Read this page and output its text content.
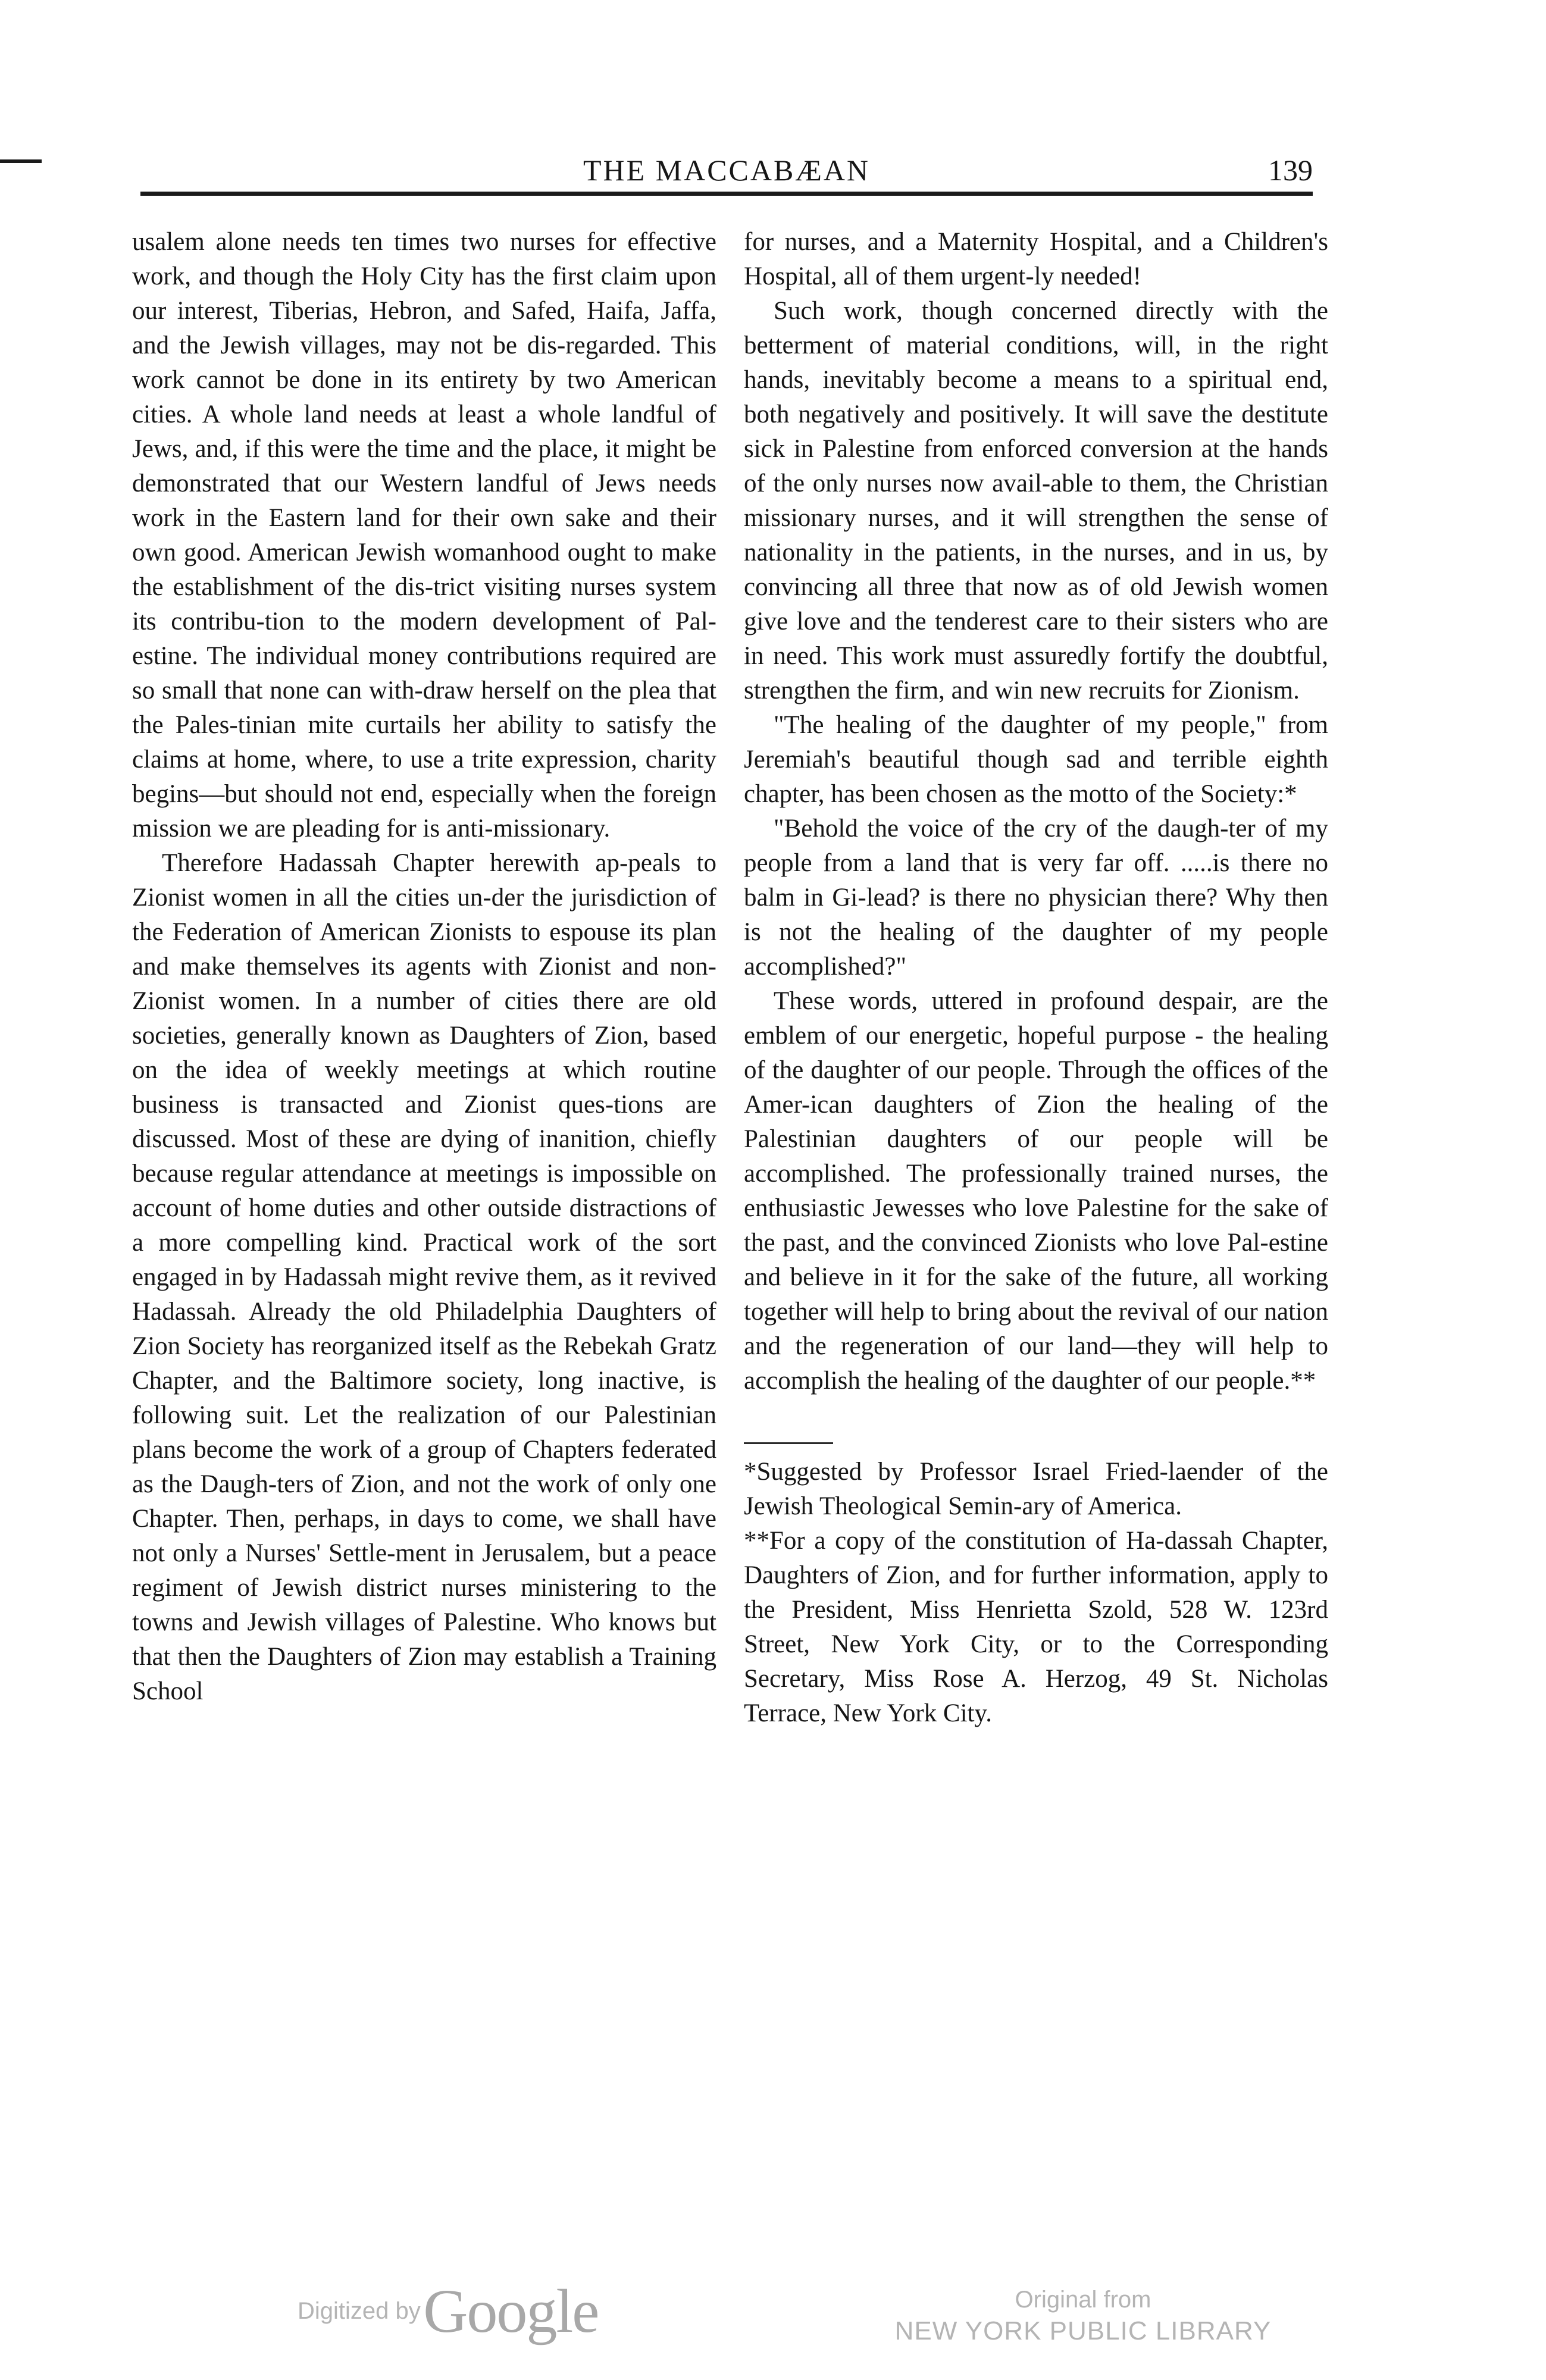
THE MACCABÆAN	139

usalem alone needs ten times two nurses for effective work, and though the Holy City has the first claim upon our interest, Tiberias, Hebron, and Safed, Haifa, Jaffa, and the Jewish villages, may not be dis-regarded. This work cannot be done in its entirety by two American cities. A whole land needs at least a whole landful of Jews, and, if this were the time and the place, it might be demonstrated that our Western landful of Jews needs work in the Eastern land for their own sake and their own good. American Jewish womanhood ought to make the establishment of the dis-trict visiting nurses system its contribu-tion to the modern development of Pal-estine. The individual money contributions required are so small that none can with-draw herself on the plea that the Pales-tinian mite curtails her ability to satisfy the claims at home, where, to use a trite expression, charity begins—but should not end, especially when the foreign mission we are pleading for is anti-missionary.

Therefore Hadassah Chapter herewith ap-peals to Zionist women in all the cities un-der the jurisdiction of the Federation of American Zionists to espouse its plan and make themselves its agents with Zionist and non-Zionist women. In a number of cities there are old societies, generally known as Daughters of Zion, based on the idea of weekly meetings at which routine business is transacted and Zionist ques-tions are discussed. Most of these are dying of inanition, chiefly because regular attendance at meetings is impossible on account of home duties and other outside distractions of a more compelling kind. Practical work of the sort engaged in by Hadassah might revive them, as it revived Hadassah. Already the old Philadelphia Daughters of Zion Society has reorganized itself as the Rebekah Gratz Chapter, and the Baltimore society, long inactive, is following suit. Let the realization of our Palestinian plans become the work of a group of Chapters federated as the Daugh-ters of Zion, and not the work of only one Chapter. Then, perhaps, in days to come, we shall have not only a Nurses' Settle-ment in Jerusalem, but a peace regiment of Jewish district nurses ministering to the towns and Jewish villages of Palestine. Who knows but that then the Daughters of Zion may establish a Training School

for nurses, and a Maternity Hospital, and a Children's Hospital, all of them urgent-ly needed!

Such work, though concerned directly with the betterment of material conditions, will, in the right hands, inevitably become a means to a spiritual end, both negatively and positively. It will save the destitute sick in Palestine from enforced conversion at the hands of the only nurses now avail-able to them, the Christian missionary nurses, and it will strengthen the sense of nationality in the patients, in the nurses, and in us, by convincing all three that now as of old Jewish women give love and the tenderest care to their sisters who are in need. This work must assuredly fortify the doubtful, strengthen the firm, and win new recruits for Zionism.

"The healing of the daughter of my people," from Jeremiah's beautiful though sad and terrible eighth chapter, has been chosen as the motto of the Society:*

"Behold the voice of the cry of the daugh-ter of my people from a land that is very far off. .....is there no balm in Gi-lead? is there no physician there? Why then is not the healing of the daughter of my people accomplished?"

These words, uttered in profound despair, are the emblem of our energetic, hopeful purpose - the healing of the daughter of our people. Through the offices of the Amer-ican daughters of Zion the healing of the Palestinian daughters of our people will be accomplished. The professionally trained nurses, the enthusiastic Jewesses who love Palestine for the sake of the past, and the convinced Zionists who love Pal-estine and believe in it for the sake of the future, all working together will help to bring about the revival of our nation and the regeneration of our land—they will help to accomplish the healing of the daughter of our people.**

*Suggested by Professor Israel Fried-laender of the Jewish Theological Semin-ary of America.

**For a copy of the constitution of Ha-dassah Chapter, Daughters of Zion, and for further information, apply to the President, Miss Henrietta Szold, 528 W. 123rd Street, New York City, or to the Corresponding Secretary, Miss Rose A. Herzog, 49 St. Nicholas Terrace, New York City.

Digitized by Google	Original from
NEW YORK PUBLIC LIBRARY
